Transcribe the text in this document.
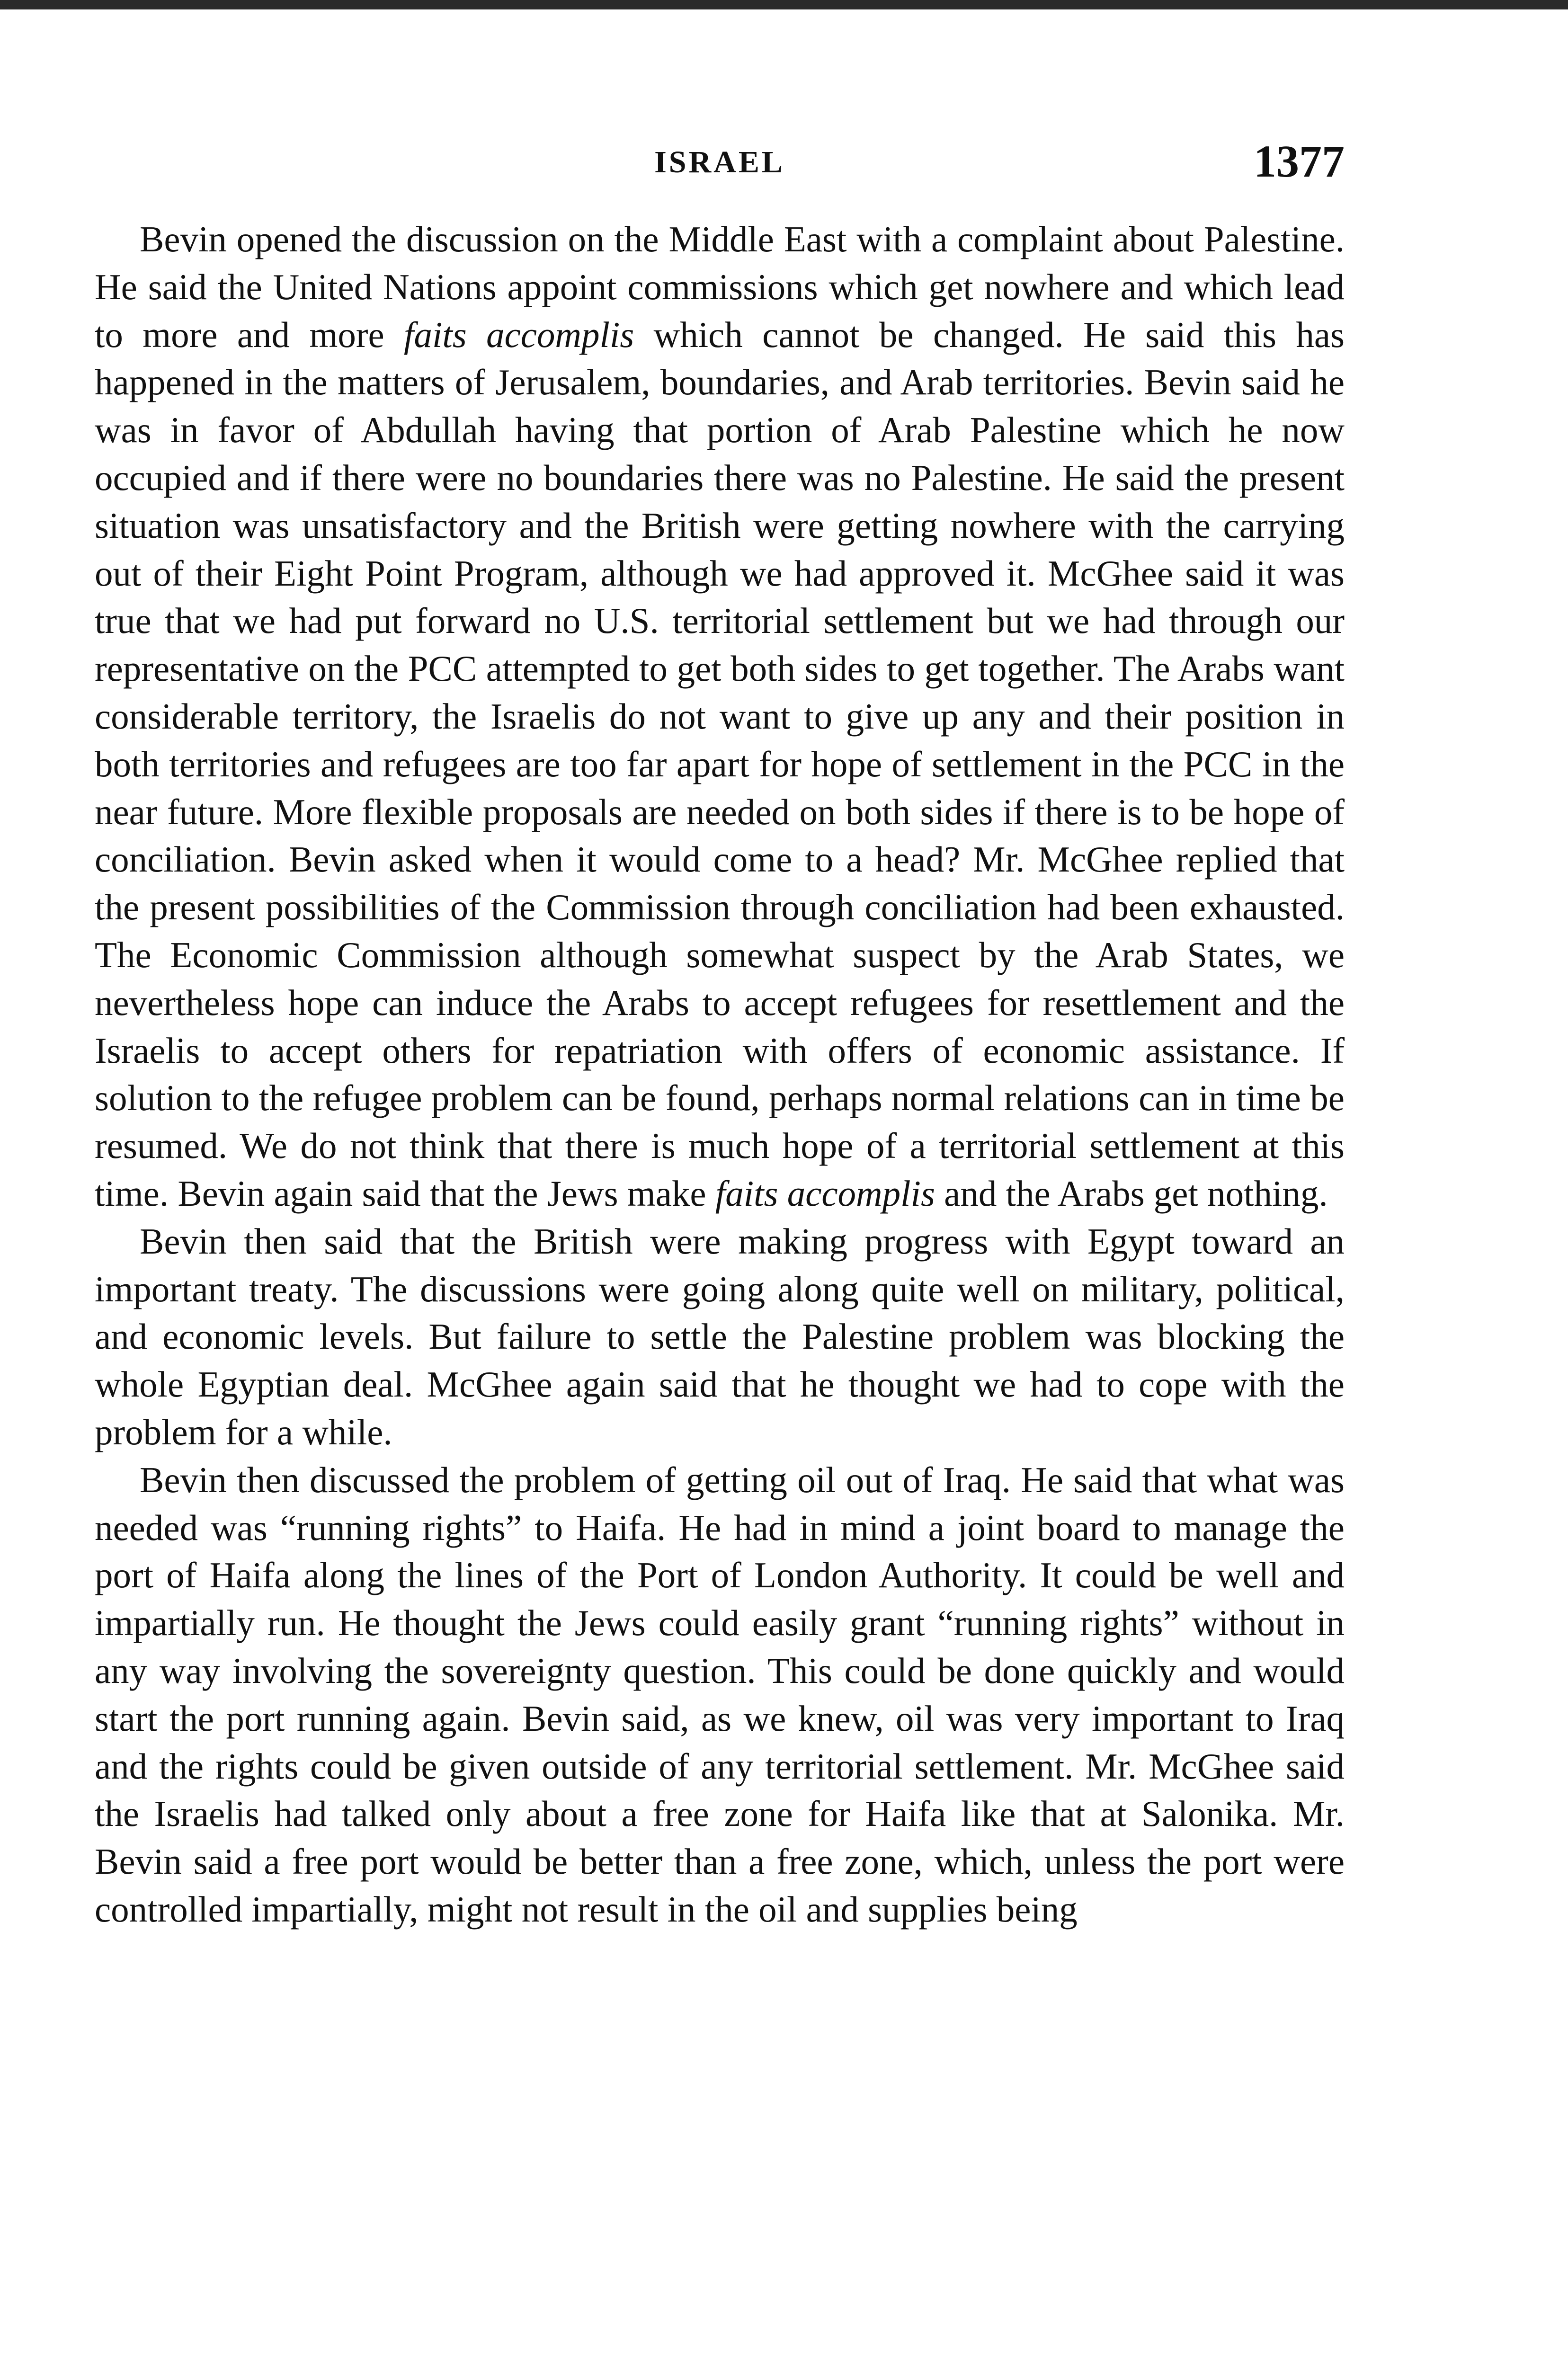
ISRAEL	1377

Bevin opened the discussion on the Middle East with a complaint about Palestine. He said the United Nations appoint commissions which get nowhere and which lead to more and more faits accomplis which cannot be changed. He said this has happened in the matters of Jerusalem, boundaries, and Arab territories. Bevin said he was in favor of Abdullah having that portion of Arab Palestine which he now occupied and if there were no boundaries there was no Palestine. He said the present situation was unsatisfactory and the British were getting nowhere with the carrying out of their Eight Point Program, although we had approved it. McGhee said it was true that we had put forward no U.S. territorial settlement but we had through our representative on the PCC attempted to get both sides to get together. The Arabs want considerable territory, the Israelis do not want to give up any and their position in both territories and refugees are too far apart for hope of settlement in the PCC in the near future. More flexible proposals are needed on both sides if there is to be hope of conciliation. Bevin asked when it would come to a head? Mr. McGhee replied that the present possibilities of the Commission through conciliation had been exhausted. The Economic Commission although somewhat suspect by the Arab States, we nevertheless hope can induce the Arabs to accept refugees for resettlement and the Israelis to accept others for repatriation with offers of economic assistance. If solution to the refugee problem can be found, perhaps normal relations can in time be resumed. We do not think that there is much hope of a territorial settlement at this time. Bevin again said that the Jews make faits accomplis and the Arabs get nothing.

Bevin then said that the British were making progress with Egypt toward an important treaty. The discussions were going along quite well on military, political, and economic levels. But failure to settle the Palestine problem was blocking the whole Egyptian deal. McGhee again said that he thought we had to cope with the problem for a while.

Bevin then discussed the problem of getting oil out of Iraq. He said that what was needed was “running rights” to Haifa. He had in mind a joint board to manage the port of Haifa along the lines of the Port of London Authority. It could be well and impartially run. He thought the Jews could easily grant “running rights” without in any way involving the sovereignty question. This could be done quickly and would start the port running again. Bevin said, as we knew, oil was very important to Iraq and the rights could be given outside of any territorial settlement. Mr. McGhee said the Israelis had talked only about a free zone for Haifa like that at Salonika. Mr. Bevin said a free port would be better than a free zone, which, unless the port were controlled impartially, might not result in the oil and supplies being
